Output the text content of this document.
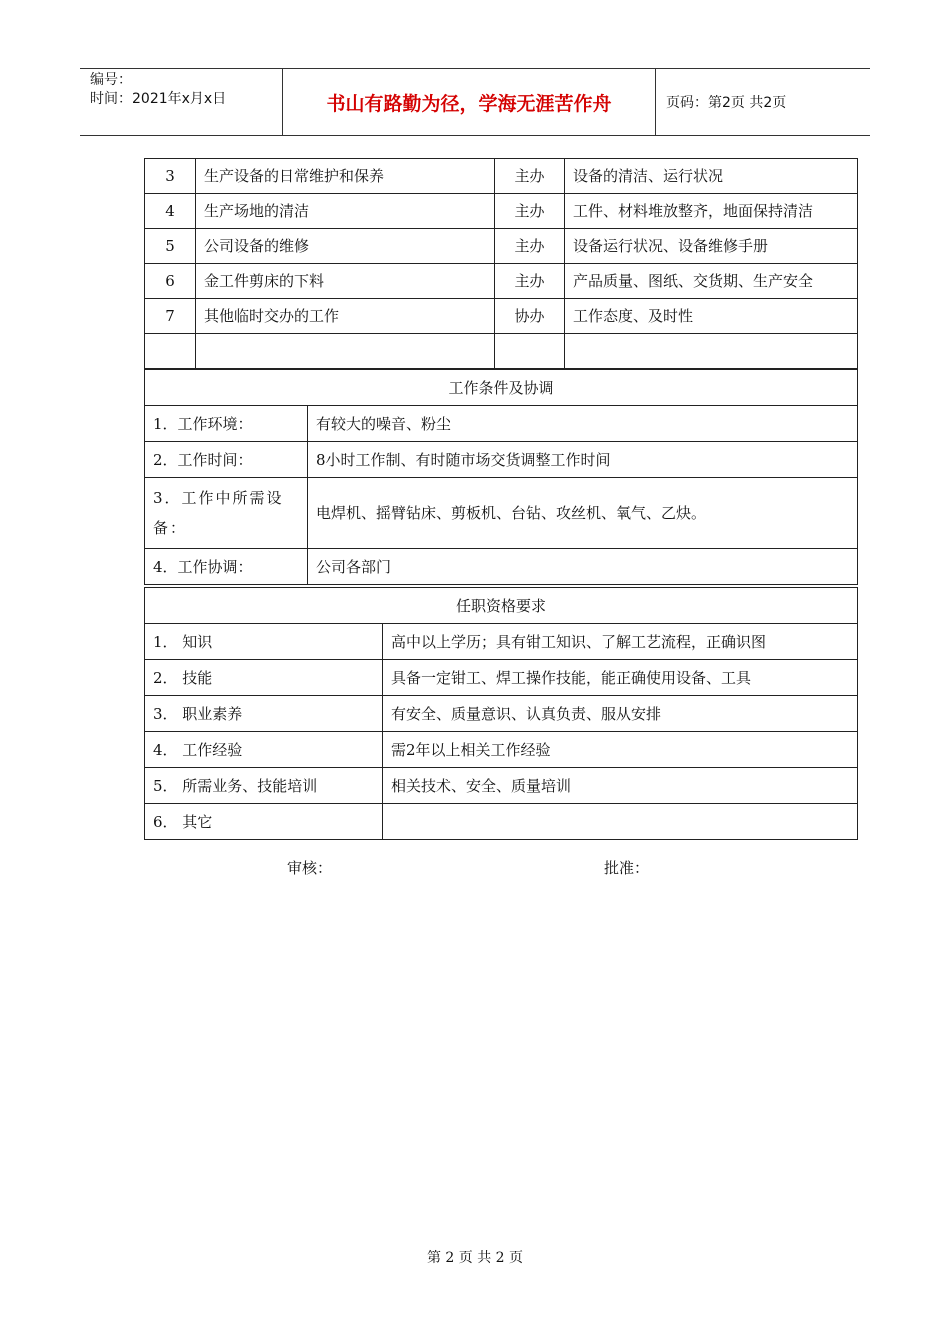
编号：
时间：2021年x月x日	书山有路勤为径，学海无涯苦作舟	页码：第2页 共2页
3	生产设备的日常维护和保养	主办	设备的清洁、运行状况
4	生产场地的清洁	主办	工件、材料堆放整齐，地面保持清洁
5	公司设备的维修	主办	设备运行状况、设备维修手册
6	金工件剪床的下料	主办	产品质量、图纸、交货期、生产安全
7	其他临时交办的工作	协办	工作态度、及时性

工作条件及协调	
1．工作环境：	有较大的噪音、粉尘
2．工作时间：	8小时工作制、有时随市场交货调整工作时间
3．工作中所需设备：	电焊机、摇臂钻床、剪板机、台钻、攻丝机、氧气、乙炔。
4．工作协调：	公司各部门
任职资格要求	
1． 知识	高中以上学历；具有钳工知识、了解工艺流程，正确识图
2． 技能	具备一定钳工、焊工操作技能，能正确使用设备、工具
3． 职业素养	有安全、质量意识、认真负责、服从安排
4． 工作经验	需2年以上相关工作经验
5． 所需业务、技能培训	相关技术、安全、质量培训
6． 其它	
审核：	批准：
第 2 页 共 2 页
